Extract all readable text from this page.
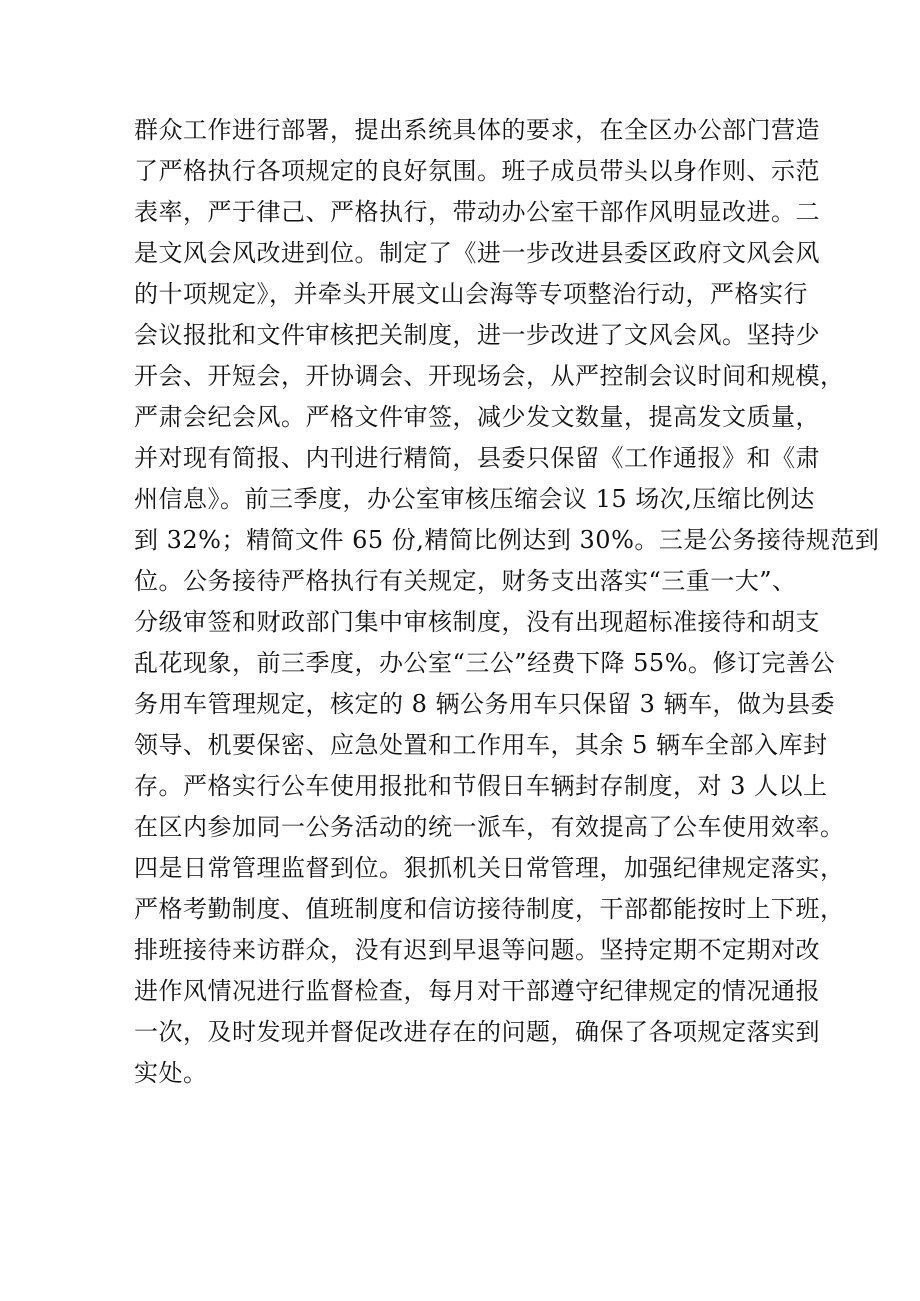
群众工作进行部署，提出系统具体的要求，在全区办公部门营造
了严格执行各项规定的良好氛围。班子成员带头以身作则、示范
表率，严于律己、严格执行，带动办公室干部作风明显改进。二
是文风会风改进到位。制定了《进一步改进县委区政府文风会风
的十项规定》，并牵头开展文山会海等专项整治行动，严格实行
会议报批和文件审核把关制度，进一步改进了文风会风。坚持少
开会、开短会，开协调会、开现场会，从严控制会议时间和规模，
严肃会纪会风。严格文件审签，减少发文数量，提高发文质量，
并对现有简报、内刊进行精简，县委只保留《工作通报》和《肃
州信息》。前三季度，办公室审核压缩会议 15 场次,压缩比例达
到 32%；精简文件 65 份,精简比例达到 30%。三是公务接待规范到
位。公务接待严格执行有关规定，财务支出落实“三重一大”、
分级审签和财政部门集中审核制度，没有出现超标准接待和胡支
乱花现象，前三季度，办公室“三公”经费下降 55%。修订完善公
务用车管理规定，核定的 8 辆公务用车只保留 3 辆车，做为县委
领导、机要保密、应急处置和工作用车，其余 5 辆车全部入库封
存。严格实行公车使用报批和节假日车辆封存制度，对 3 人以上
在区内参加同一公务活动的统一派车，有效提高了公车使用效率。
四是日常管理监督到位。狠抓机关日常管理，加强纪律规定落实，
严格考勤制度、值班制度和信访接待制度，干部都能按时上下班，
排班接待来访群众，没有迟到早退等问题。坚持定期不定期对改
进作风情况进行监督检查，每月对干部遵守纪律规定的情况通报
一次，及时发现并督促改进存在的问题，确保了各项规定落实到
实处。
